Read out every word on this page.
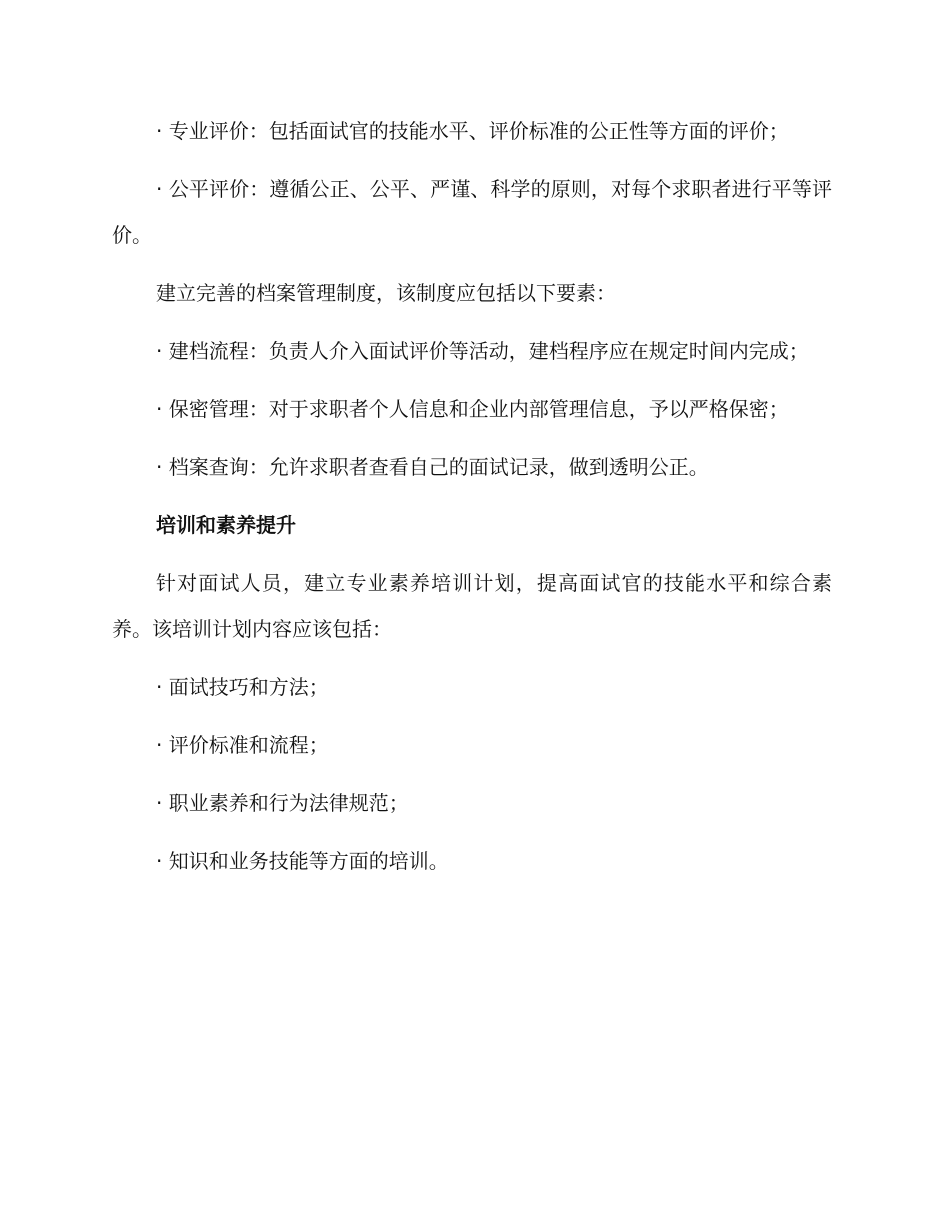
· 专业评价：包括面试官的技能水平、评价标准的公正性等方面的评价；

· 公平评价：遵循公正、公平、严谨、科学的原则，对每个求职者进行平等评价。

建立完善的档案管理制度，该制度应包括以下要素：

· 建档流程：负责人介入面试评价等活动，建档程序应在规定时间内完成；

· 保密管理：对于求职者个人信息和企业内部管理信息，予以严格保密；

· 档案查询：允许求职者查看自己的面试记录，做到透明公正。

培训和素养提升

针对面试人员，建立专业素养培训计划，提高面试官的技能水平和综合素养。该培训计划内容应该包括：

· 面试技巧和方法；

· 评价标准和流程；

· 职业素养和行为法律规范；

· 知识和业务技能等方面的培训。
